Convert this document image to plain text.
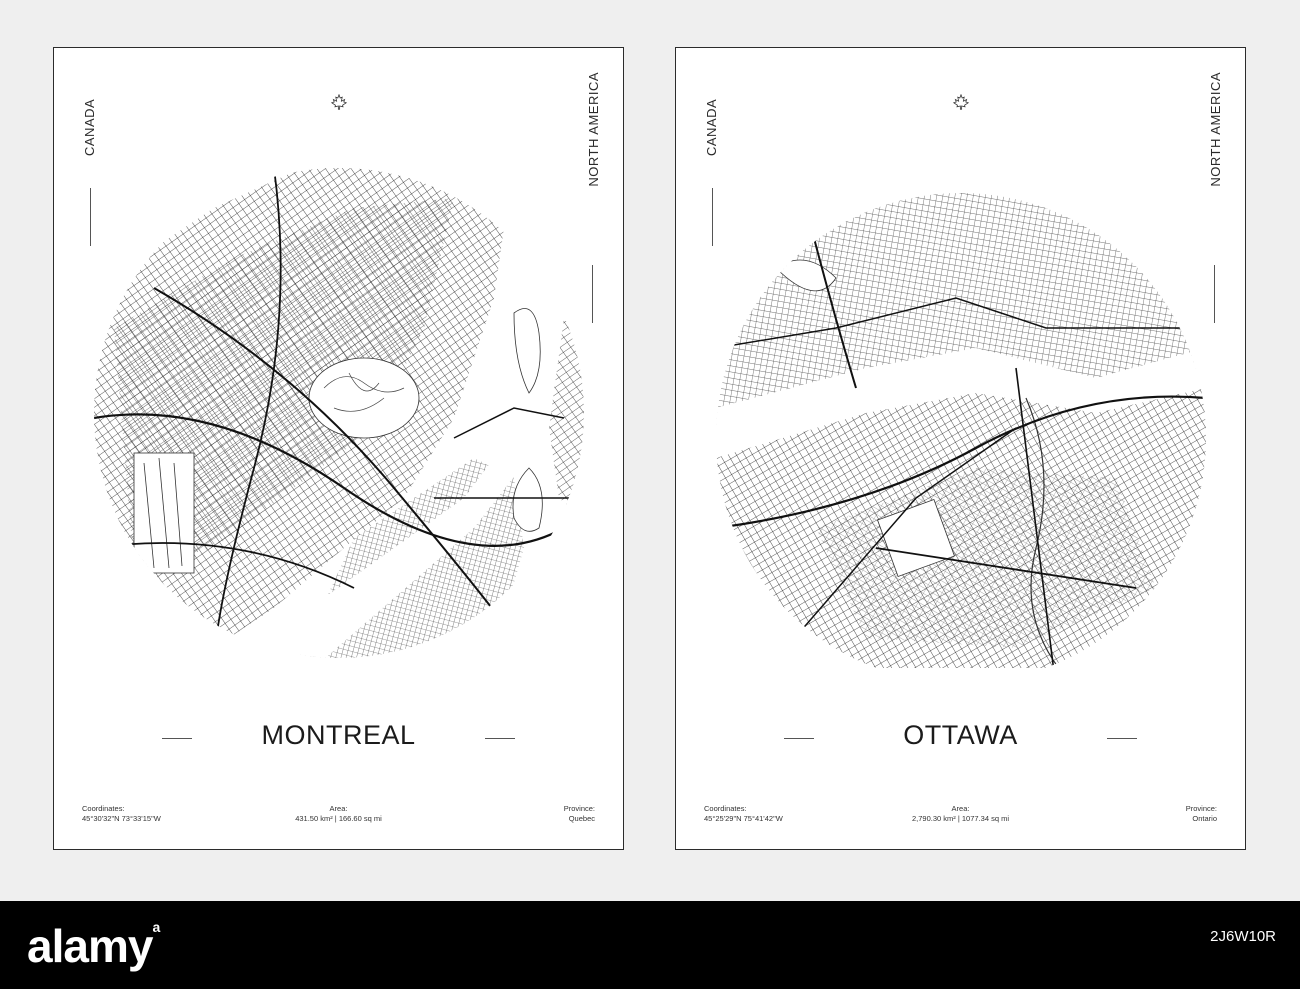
CANADA	NORTH AMERICA
MONTREAL
Coordinates:
45°30'32"N 73°33'15"W
Area:
431.50 km² | 166.60 sq mi
Province:
Quebec
CANADA	NORTH AMERICA
OTTAWA
Coordinates:
45°25'29"N 75°41'42"W
Area:
2,790.30 km² | 1077.34 sq mi
Province:
Ontario
alamy$^a$
2J6W10R
